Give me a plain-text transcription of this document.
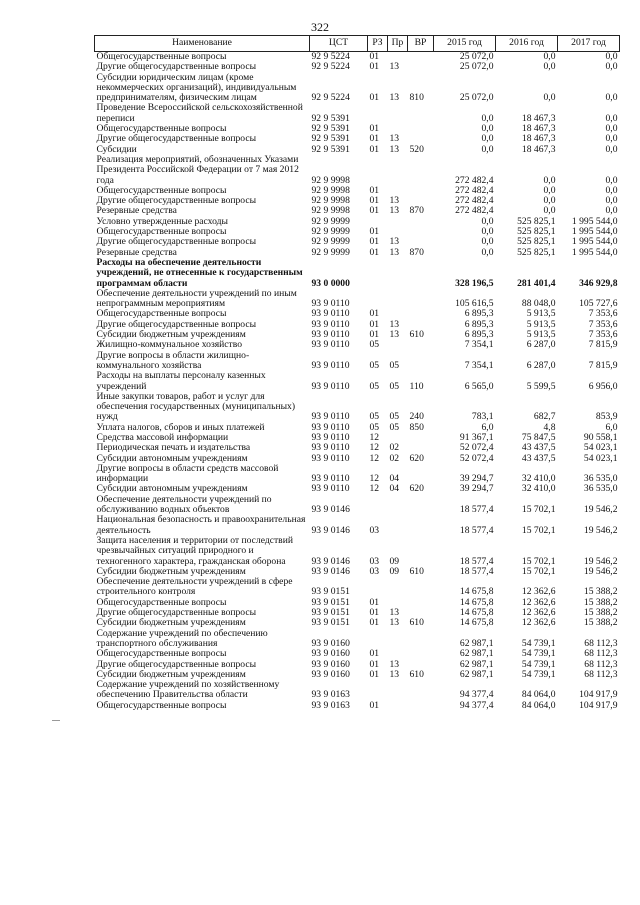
322
Наименование	ЦСТ	РЗ	Пр	ВР	2015 год	2016 год	2017 год
Общегосударственные вопросы	92 9 5224	01			25 072,0	0,0	0,0
Другие общегосударственные вопросы	92 9 5224	01	13		25 072,0	0,0	0,0
Субсидии юридическим лицам (кроме некоммерческих организаций), индивидуальным предпринимателям, физическим лицам	92 9 5224	01	13	810	25 072,0	0,0	0,0
Проведение Всероссийской сельскохозяйственной переписи	92 9 5391				0,0	18 467,3	0,0
Общегосударственные вопросы	92 9 5391	01			0,0	18 467,3	0,0
Другие общегосударственные вопросы	92 9 5391	01	13		0,0	18 467,3	0,0
Субсидии	92 9 5391	01	13	520	0,0	18 467,3	0,0
Реализация мероприятий, обозначенных Указами Президента Российской Федерации от 7 мая 2012 года	92 9 9998				272 482,4	0,0	0,0
Общегосударственные вопросы	92 9 9998	01			272 482,4	0,0	0,0
Другие общегосударственные вопросы	92 9 9998	01	13		272 482,4	0,0	0,0
Резервные средства	92 9 9998	01	13	870	272 482,4	0,0	0,0
Условно утвержденные расходы	92 9 9999				0,0	525 825,1	1 995 544,0
Общегосударственные вопросы	92 9 9999	01			0,0	525 825,1	1 995 544,0
Другие общегосударственные вопросы	92 9 9999	01	13		0,0	525 825,1	1 995 544,0
Резервные средства	92 9 9999	01	13	870	0,0	525 825,1	1 995 544,0
Расходы на обеспечение деятельности учреждений, не отнесенные к государственным программам области	93 0 0000				328 196,5	281 401,4	346 929,8
Обеспечение деятельности учреждений по иным непрограммным мероприятиям	93 9 0110				105 616,5	88 048,0	105 727,6
Общегосударственные вопросы	93 9 0110	01			6 895,3	5 913,5	7 353,6
Другие общегосударственные вопросы	93 9 0110	01	13		6 895,3	5 913,5	7 353,6
Субсидии бюджетным учреждениям	93 9 0110	01	13	610	6 895,3	5 913,5	7 353,6
Жилищно-коммунальное хозяйство	93 9 0110	05			7 354,1	6 287,0	7 815,9
Другие вопросы в области жилищно-коммунального хозяйства	93 9 0110	05	05		7 354,1	6 287,0	7 815,9
Расходы на выплаты персоналу казенных учреждений	93 9 0110	05	05	110	6 565,0	5 599,5	6 956,0
Иные закупки товаров, работ и услуг для обеспечения государственных (муниципальных) нужд	93 9 0110	05	05	240	783,1	682,7	853,9
Уплата налогов, сборов и иных платежей	93 9 0110	05	05	850	6,0	4,8	6,0
Средства массовой информации	93 9 0110	12			91 367,1	75 847,5	90 558,1
Периодическая печать и издательства	93 9 0110	12	02		52 072,4	43 437,5	54 023,1
Субсидии автономным учреждениям	93 9 0110	12	02	620	52 072,4	43 437,5	54 023,1
Другие вопросы в области средств массовой информации	93 9 0110	12	04		39 294,7	32 410,0	36 535,0
Субсидии автономным учреждениям	93 9 0110	12	04	620	39 294,7	32 410,0	36 535,0
Обеспечение деятельности учреждений по обслуживанию водных объектов	93 9 0146				18 577,4	15 702,1	19 546,2
Национальная безопасность и правоохранительная деятельность	93 9 0146	03			18 577,4	15 702,1	19 546,2
Защита населения и территории от последствий чрезвычайных ситуаций природного и техногенного характера, гражданская оборона	93 9 0146	03	09		18 577,4	15 702,1	19 546,2
Субсидии бюджетным учреждениям	93 9 0146	03	09	610	18 577,4	15 702,1	19 546,2
Обеспечение деятельности учреждений в сфере строительного контроля	93 9 0151				14 675,8	12 362,6	15 388,2
Общегосударственные вопросы	93 9 0151	01			14 675,8	12 362,6	15 388,2
Другие общегосударственные вопросы	93 9 0151	01	13		14 675,8	12 362,6	15 388,2
Субсидии бюджетным учреждениям	93 9 0151	01	13	610	14 675,8	12 362,6	15 388,2
Содержание учреждений по обеспечению транспортного обслуживания	93 9 0160				62 987,1	54 739,1	68 112,3
Общегосударственные вопросы	93 9 0160	01			62 987,1	54 739,1	68 112,3
Другие общегосударственные вопросы	93 9 0160	01	13		62 987,1	54 739,1	68 112,3
Субсидии бюджетным учреждениям	93 9 0160	01	13	610	62 987,1	54 739,1	68 112,3
Содержание учреждений по хозяйственному обеспечению Правительства области	93 9 0163				94 377,4	84 064,0	104 917,9
Общегосударственные вопросы	93 9 0163	01			94 377,4	84 064,0	104 917,9
